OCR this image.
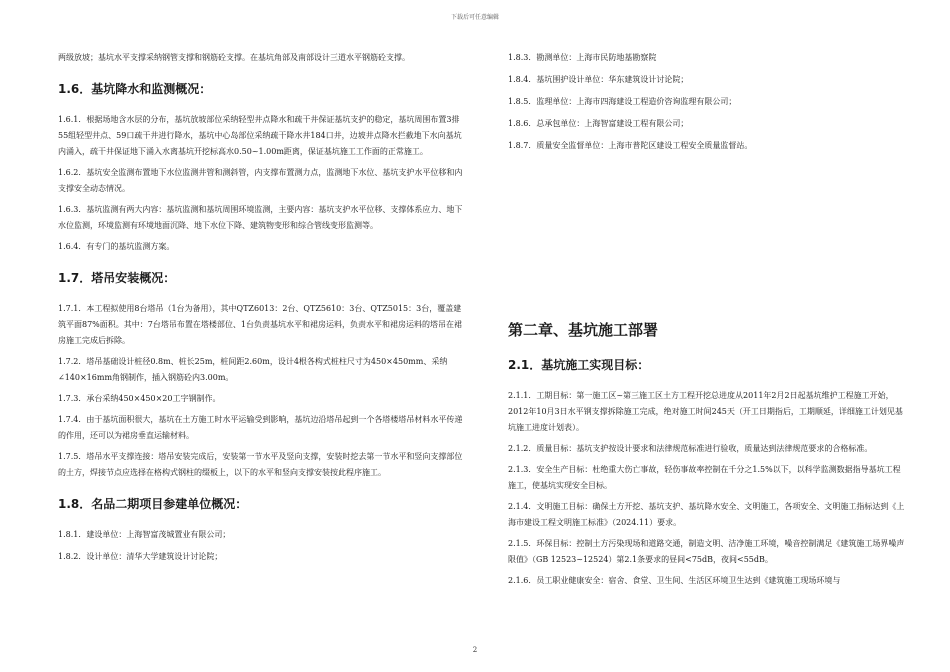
下载后可任意编辑

两级放坡；基坑水平支撑采纳钢管支撑和钢筋砼支撑。在基坑角部及南部设计三道水平钢筋砼支撑。

1.6．基坑降水和监测概况：

1.6.1．根据场地含水层的分布，基坑放坡部位采纳轻型井点降水和疏干井保证基坑支护的稳定，基坑周围布置3排55组轻型井点、59口疏干井进行降水，基坑中心岛部位采纳疏干降水井184口井，边坡井点降水拦截地下水向基坑内涌入，疏干井保证地下涌入水离基坑开挖标高水0.50~1.00m距离，保证基坑施工工作面的正常施工。

1.6.2．基坑安全监测布置地下水位监测井管和测斜管，内支撑布置测力点，监测地下水位、基坑支护水平位移和内支撑安全动态情况。

1.6.3．基坑监测有两大内容：基坑监测和基坑周围环境监测，主要内容：基坑支护水平位移、支撑体系应力、地下水位监测，环境监测有环境地面沉降、地下水位下降、建筑物变形和综合管线变形监测等。

1.6.4．有专门的基坑监测方案。

1.7．塔吊安装概况：

1.7.1．本工程拟使用8台塔吊（1台为备用），其中QTZ6013：2台、QTZ5610：3台、QTZ5015：3台，覆盖建筑平面87%面积。其中：7台塔吊布置在塔楼部位、1台负责基坑水平和裙房运料，负责水平和裙房运料的塔吊在裙房施工完成后拆除。

1.7.2．塔吊基础设计桩径0.8m、桩长25m，桩间距2.60m，设计4根各构式桩柱尺寸为450×450mm、采纳∠140×16mm角钢制作，插入钢筋砼内3.00m。

1.7.3．承台采纳450×450×20工字钢制作。

1.7.4．由于基坑面积很大，基坑在土方施工时水平运输受到影响，基坑边沿塔吊起到一个各塔楼塔吊材料水平传递的作用，还可以为裙房垂直运输材料。

1.7.5．塔吊水平支撑连接：塔吊安装完成后，安装第一节水平及竖向支撑，安装时挖去第一节水平和竖向支撑部位的土方，焊接节点应选择在格构式钢柱的缀板上，以下的水平和竖向支撑安装按此程序施工。

1.8．名品二期项目参建单位概况：

1.8.1．建设单位：上海智富茂城置业有限公司；

1.8.2．设计单位：清华大学建筑设计讨论院；

1.8.3．勘测单位：上海市民防地基勘察院

1.8.4．基坑围护设计单位：华东建筑设计讨论院；

1.8.5．监理单位：上海市四海建设工程造价咨询监理有限公司；

1.8.6．总承包单位：上海智富建设工程有限公司；

1.8.7．质量安全监督单位：上海市普陀区建设工程安全质量监督站。

第二章、基坑施工部署
2.1．基坑施工实现目标：

2.1.1．工期目标：第一施工区~第三施工区土方工程开挖总进度从2011年2月2日起基坑维护工程施工开始，2012年10月3日水平钢支撑拆除施工完成，绝对施工时间245天（开工日期指后，工期顺延，详细施工计划见基坑施工进度计划表）。

2.1.2．质量目标：基坑支护按设计要求和法律规范标准进行验收，质量达到法律规范要求的合格标准。

2.1.3．安全生产目标：杜绝重大伤亡事故，轻伤事故率控制在千分之1.5%以下，以科学监测数据指导基坑工程施工，使基坑实现安全目标。

2.1.4．文明施工目标：确保土方开挖、基坑支护、基坑降水安全、文明施工，各项安全、文明施工指标达到《上海市建设工程文明施工标准》（2024.11）要求。

2.1.5．环保目标：控制土方污染现场和道路交通，制造文明、洁净施工环境，噪音控制满足《建筑施工场界噪声限值》（GB 12523~12524）第2.1条要求的昼间<75dB，夜间<55dB。

2.1.6．员工职业健康安全：宿舍、食堂、卫生间、生活区环境卫生达到《建筑施工现场环境与

2
